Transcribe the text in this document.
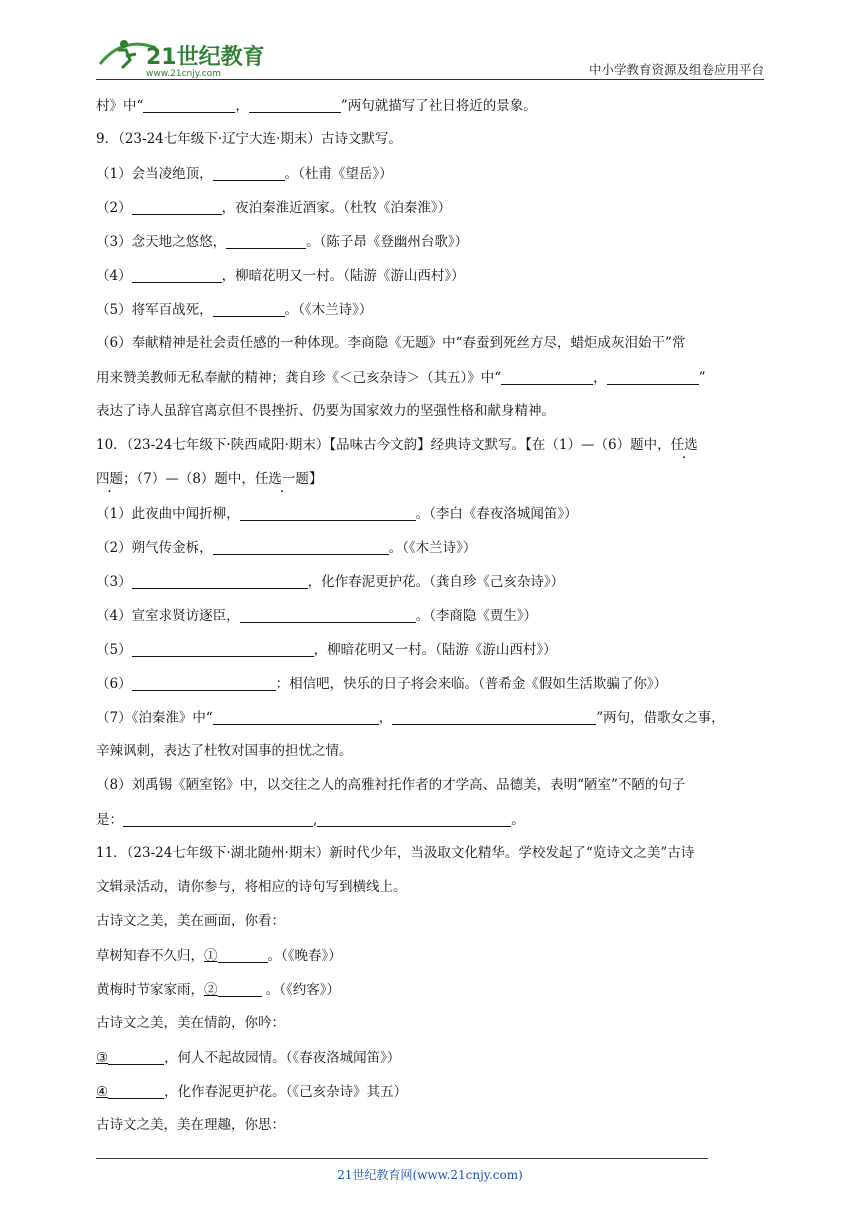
21世纪教育
www.21cnjy.com	中小学教育资源及组卷应用平台
村》中“	，	”两句就描写了社日将近的景象。
9．（23-24七年级下·辽宁大连·期末）古诗文默写。
（1）会当凌绝顶，	。（杜甫《望岳》）
（2）	，夜泊秦淮近酒家。（杜牧《泊秦淮》）
（3）念天地之悠悠，	。（陈子昂《登幽州台歌》）
（4）	，柳暗花明又一村。（陆游《游山西村》）
（5）将军百战死，	。（《木兰诗》）
（6）奉献精神是社会责任感的一种体现。李商隐《无题》中“春蚕到死丝方尽，蜡炬成灰泪始干”常
用来赞美教师无私奉献的精神；龚自珍《＜己亥杂诗＞（其五）》中“	，	”
表达了诗人虽辞官离京但不畏挫折、仍要为国家效力的坚强性格和献身精神。
10．（23-24七年级下·陕西咸阳·期末）【品味古今文韵】经典诗文默写。【在（1）—（6）题中，任选
四题；（7）—（8）题中，任选一题】
（1）此夜曲中闻折柳，	。（李白《春夜洛城闻笛》）
（2）朔气传金柝，	。（《木兰诗》）
（3）	，化作春泥更护花。（龚自珍《己亥杂诗》）
（4）宣室求贤访逐臣，	。（李商隐《贾生》）
（5）	，柳暗花明又一村。（陆游《游山西村》）
（6）	：相信吧，快乐的日子将会来临。（普希金《假如生活欺骗了你》）
（7）《泊秦淮》中“	，	”两句，借歌女之事，
辛辣讽刺，表达了杜牧对国事的担忧之情。
（8）刘禹锡《陋室铭》中，以交往之人的高雅衬托作者的才学高、品德美，表明“陋室”不陋的句子
是：	,	。
11．（23-24七年级下·湖北随州·期末）新时代少年，当汲取文化精华。学校发起了“览诗文之美”古诗
文辑录活动，请你参与，将相应的诗句写到横线上。
古诗文之美，美在画面，你看：
草树知春不久归，①	。（《晚春》）
黄梅时节家家雨，②	。（《约客》）
古诗文之美，美在情韵，你吟：
③	，何人不起故园情。（《春夜洛城闻笛》）
④	，化作春泥更护花。（《己亥杂诗》其五）
古诗文之美，美在理趣，你思：
21世纪教育网(www.21cnjy.com)
